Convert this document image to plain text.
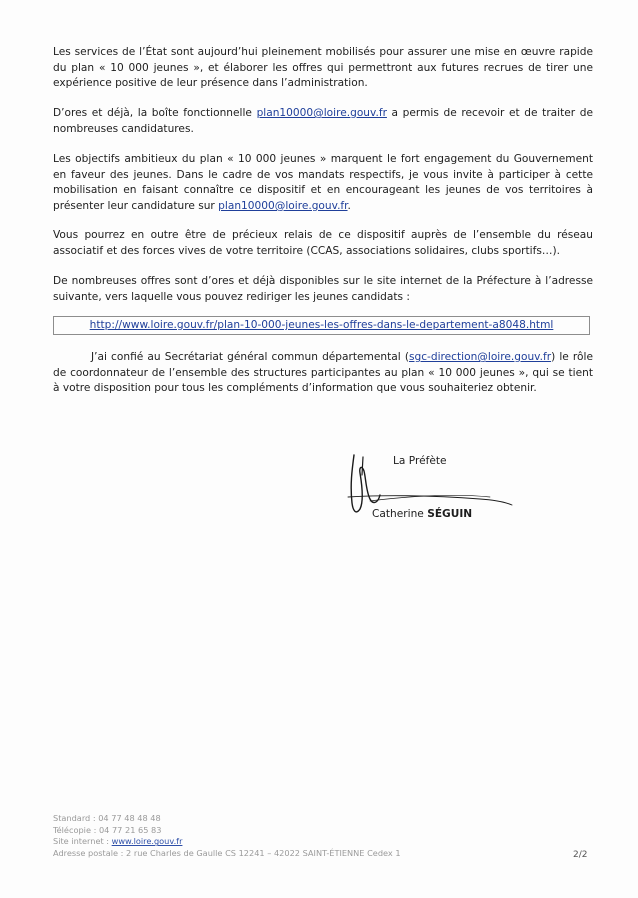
Les services de l’État sont aujourd’hui pleinement mobilisés pour assurer une mise en œuvre rapide du plan « 10 000 jeunes », et élaborer les offres qui permettront aux futures recrues de tirer une expérience positive de leur présence dans l’administration.

D’ores et déjà, la boîte fonctionnelle plan10000@loire.gouv.fr a permis de recevoir et de traiter de nombreuses candidatures.

Les objectifs ambitieux du plan « 10 000 jeunes » marquent le fort engagement du Gouvernement en faveur des jeunes. Dans le cadre de vos mandats respectifs, je vous invite à participer à cette mobilisation en faisant connaître ce dispositif et en encourageant les jeunes de vos territoires à présenter leur candidature sur plan10000@loire.gouv.fr.

Vous pourrez en outre être de précieux relais de ce dispositif auprès de l’ensemble du réseau associatif et des forces vives de votre territoire (CCAS, associations solidaires, clubs sportifs…).

De nombreuses offres sont d’ores et déjà disponibles sur le site internet de la Préfecture à l’adresse suivante, vers laquelle vous pouvez rediriger les jeunes candidats :

http://www.loire.gouv.fr/plan-10-000-jeunes-les-offres-dans-le-departement-a8048.html

J’ai confié au Secrétariat général commun départemental (sgc-direction@loire.gouv.fr) le rôle de coordonnateur de l’ensemble des structures participantes au plan « 10 000 jeunes », qui se tient à votre disposition pour tous les compléments d’information que vous souhaiteriez obtenir.

La Préfète
Catherine SÉGUIN
Standard : 04 77 48 48 48
Télécopie : 04 77 21 65 83
Site internet : www.loire.gouv.fr
Adresse postale : 2 rue Charles de Gaulle CS 12241 – 42022 SAINT-ÉTIENNE Cedex 1	2/2
